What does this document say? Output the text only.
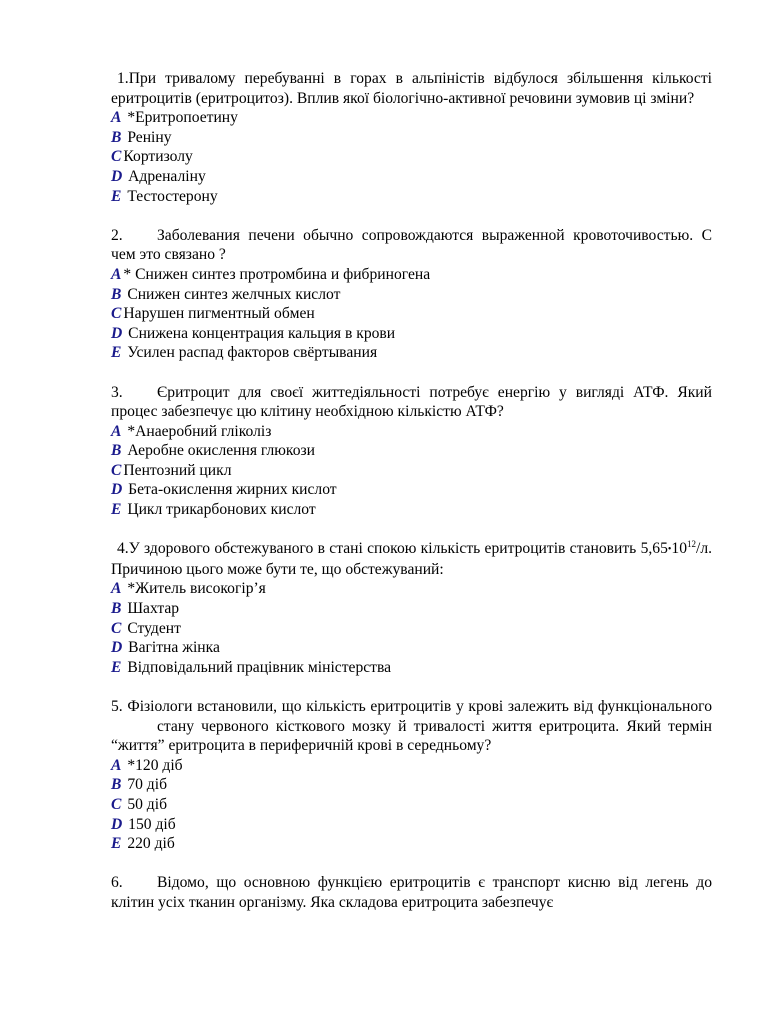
1.При тривалому перебуванні в горах в альпіністів відбулося збільшення кількості еритроцитів (еритроцитоз). Вплив якої біологічно-активної речовини зумовив ці зміни?

A *Еритропоетину

B Реніну

C Кортизолу

D Адреналіну

E Тестостерону

2. Заболевания печени обычно сопровождаются выраженной кровоточивостью. С чем это связано ?

A * Снижен синтез протромбина и фибриногена

B Снижен синтез желчных кислот

C Нарушен пигментный обмен

D Снижена концентрация кальция в крови

E Усилен распад факторов свёртывания

3. Єритроцит для своєї життедіяльності потребує енергію у вигляді АТФ. Який процес забезпечує цю клітину необхідною кількістю АТФ?

A *Анаеробний гліколіз

B Аеробне окислення глюкози

C Пентозний цикл

D Бета-окислення жирних кислот

E Цикл трикарбонових кислот

4.У здорового обстежуваного в стані спокою кількість еритроцитів становить $5,65•10^{12}/л$. Причиною цього може бути те, що обстежуваний:

A *Житель високогір’я

B Шахтар

C Студент

D Вагітна жінка

E Відповідальний працівник міністерства

5. Фізіологи встановили, що кількість еритроцитів у крові залежить від функціональногостану червоного кісткового мозку й тривалості життя еритроцита. Який термін “життя” еритроцита в периферичній крові в середньому?

A *120 діб

B 70 діб

C 50 діб

D 150 діб

E 220 діб

6. Відомо, що основною функцією еритроцитів є транспорт кисню від легень до клітин усіх тканин організму. Яка складова еритроцита забезпечує
